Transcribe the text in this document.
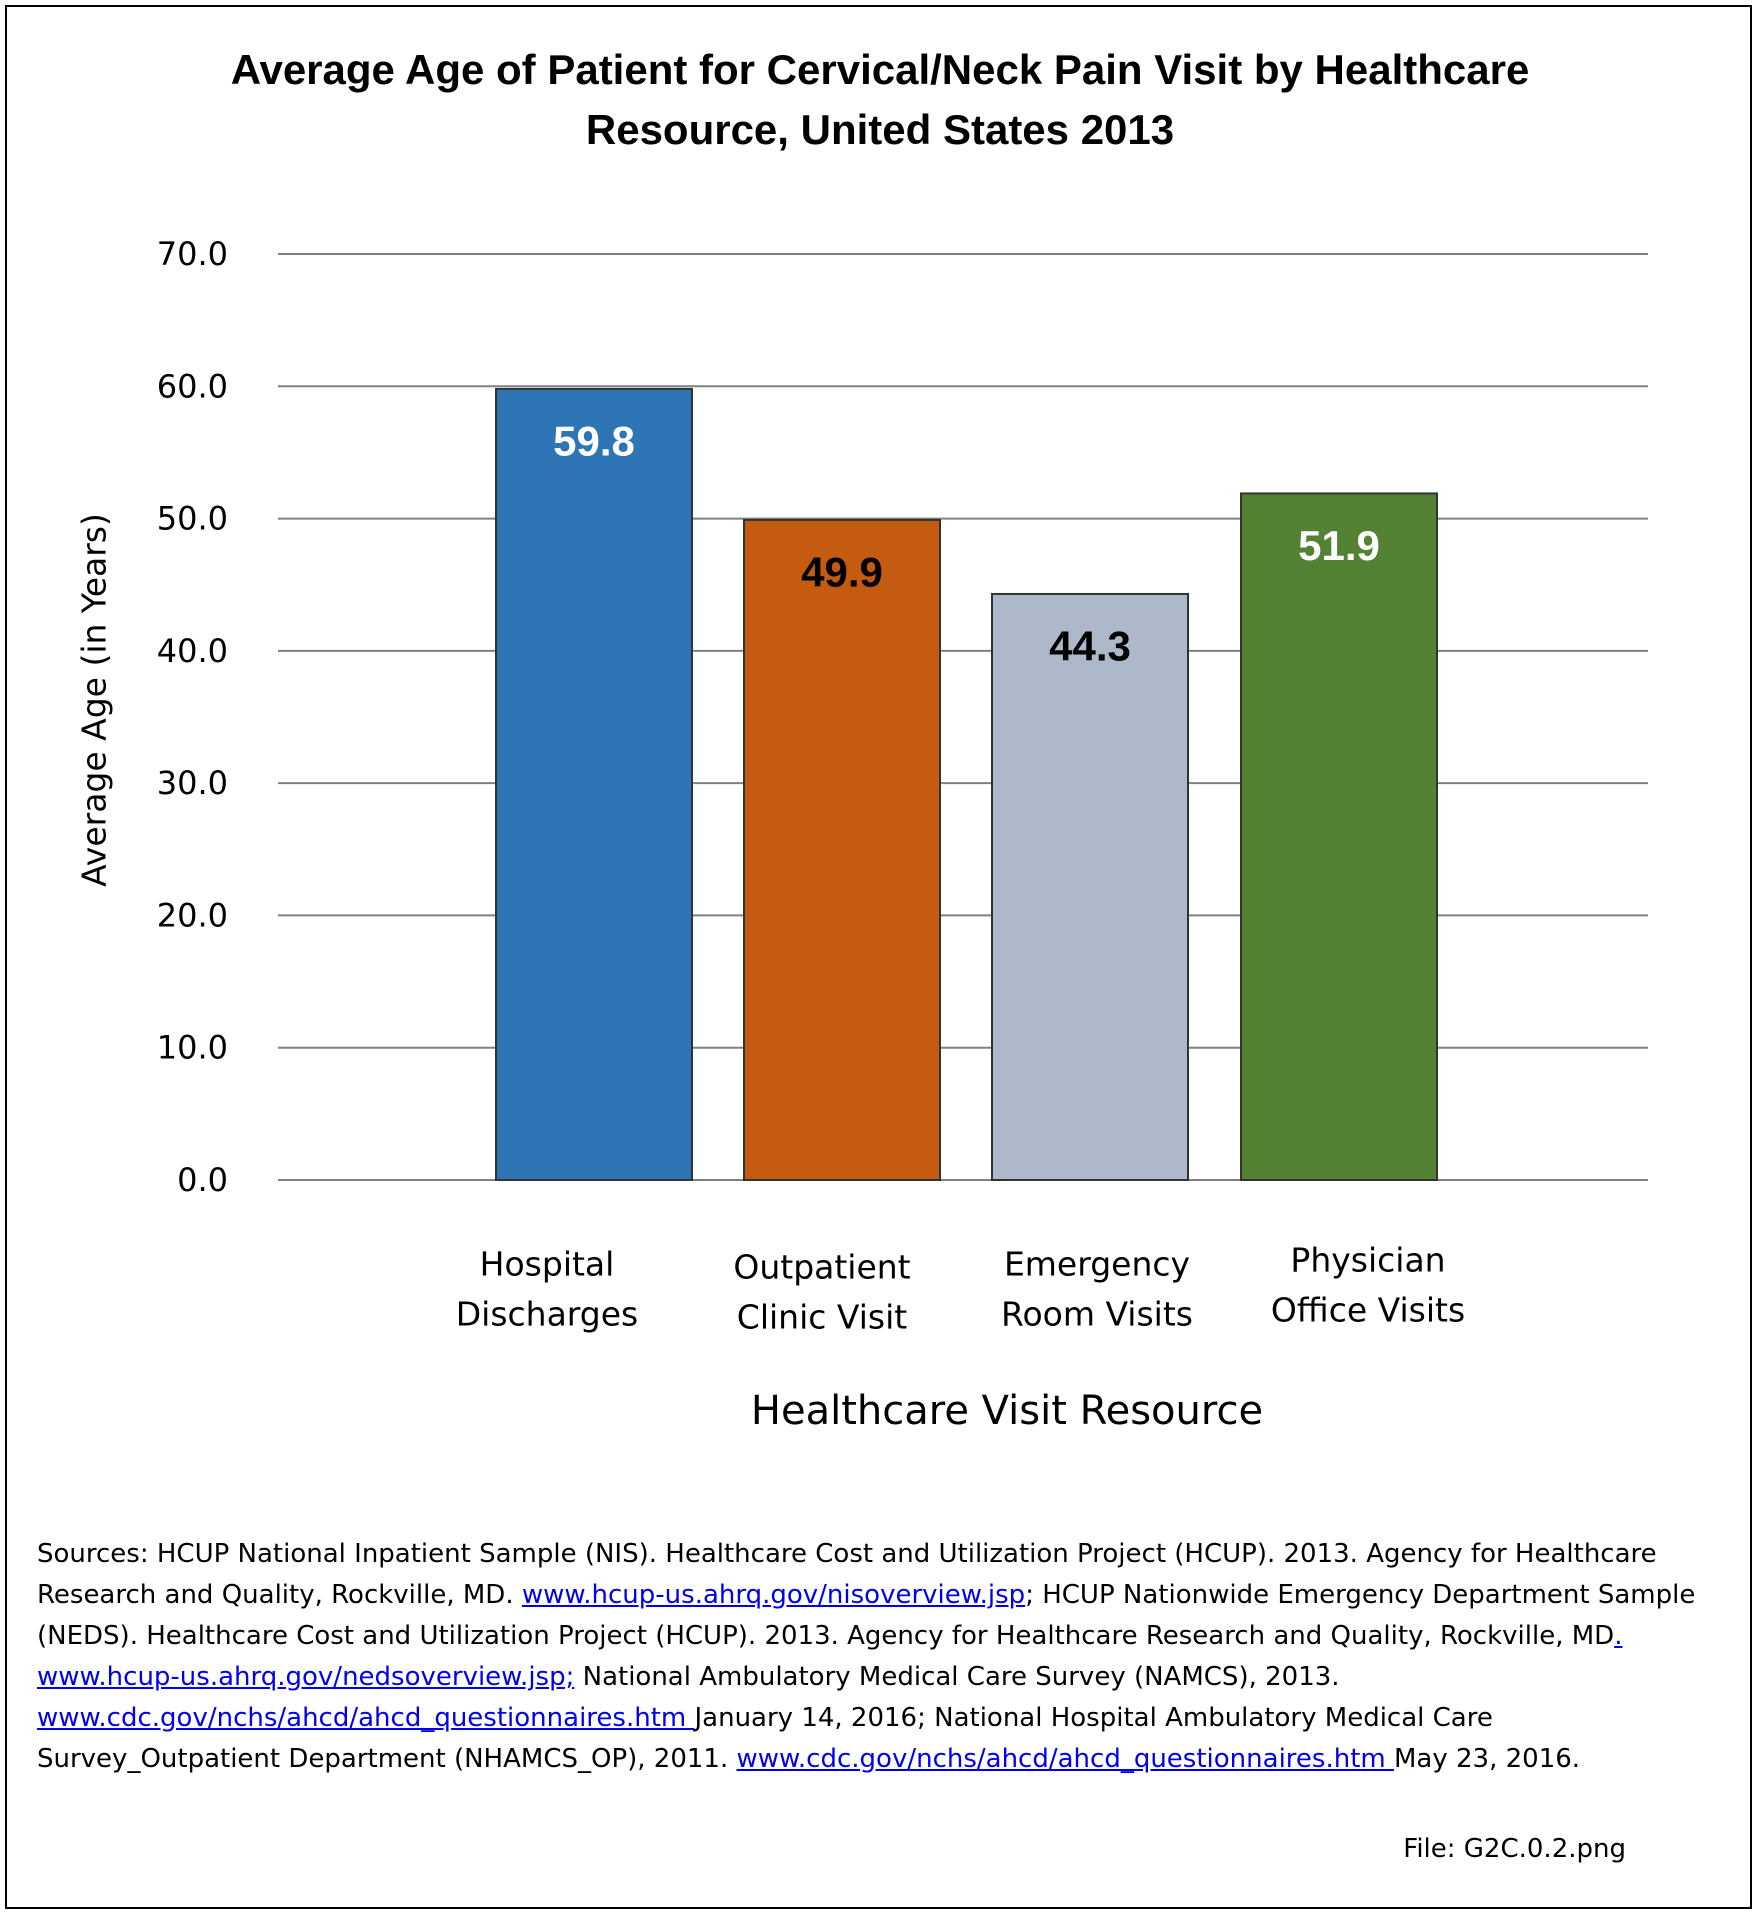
Average Age of Patient for Cervical/Neck Pain Visit by Healthcare
Resource, United States 2013
0.0
10.0
20.0
30.0
40.0
50.0
60.0
70.0
Average Age (in Years)
59.8
49.9
44.3
51.9
Hospital
Discharges
Outpatient
Clinic Visit
Emergency
Room Visits
Physician
Office Visits
Healthcare Visit Resource
Sources: HCUP National Inpatient Sample (NIS). Healthcare Cost and Utilization Project (HCUP). 2013. Agency for Healthcare Research and Quality, Rockville, MD. www.hcup-us.ahrq.gov/nisoverview.jsp; HCUP Nationwide Emergency Department Sample (NEDS). Healthcare Cost and Utilization Project (HCUP). 2013. Agency for Healthcare Research and Quality, Rockville, MD. www.hcup-us.ahrq.gov/nedsoverview.jsp; National Ambulatory Medical Care Survey (NAMCS), 2013. www.cdc.gov/nchs/ahcd/ahcd_questionnaires.htm January 14, 2016; National Hospital Ambulatory Medical Care Survey_Outpatient Department (NHAMCS_OP), 2011. www.cdc.gov/nchs/ahcd/ahcd_questionnaires.htm May 23, 2016.
File: G2C.0.2.png
